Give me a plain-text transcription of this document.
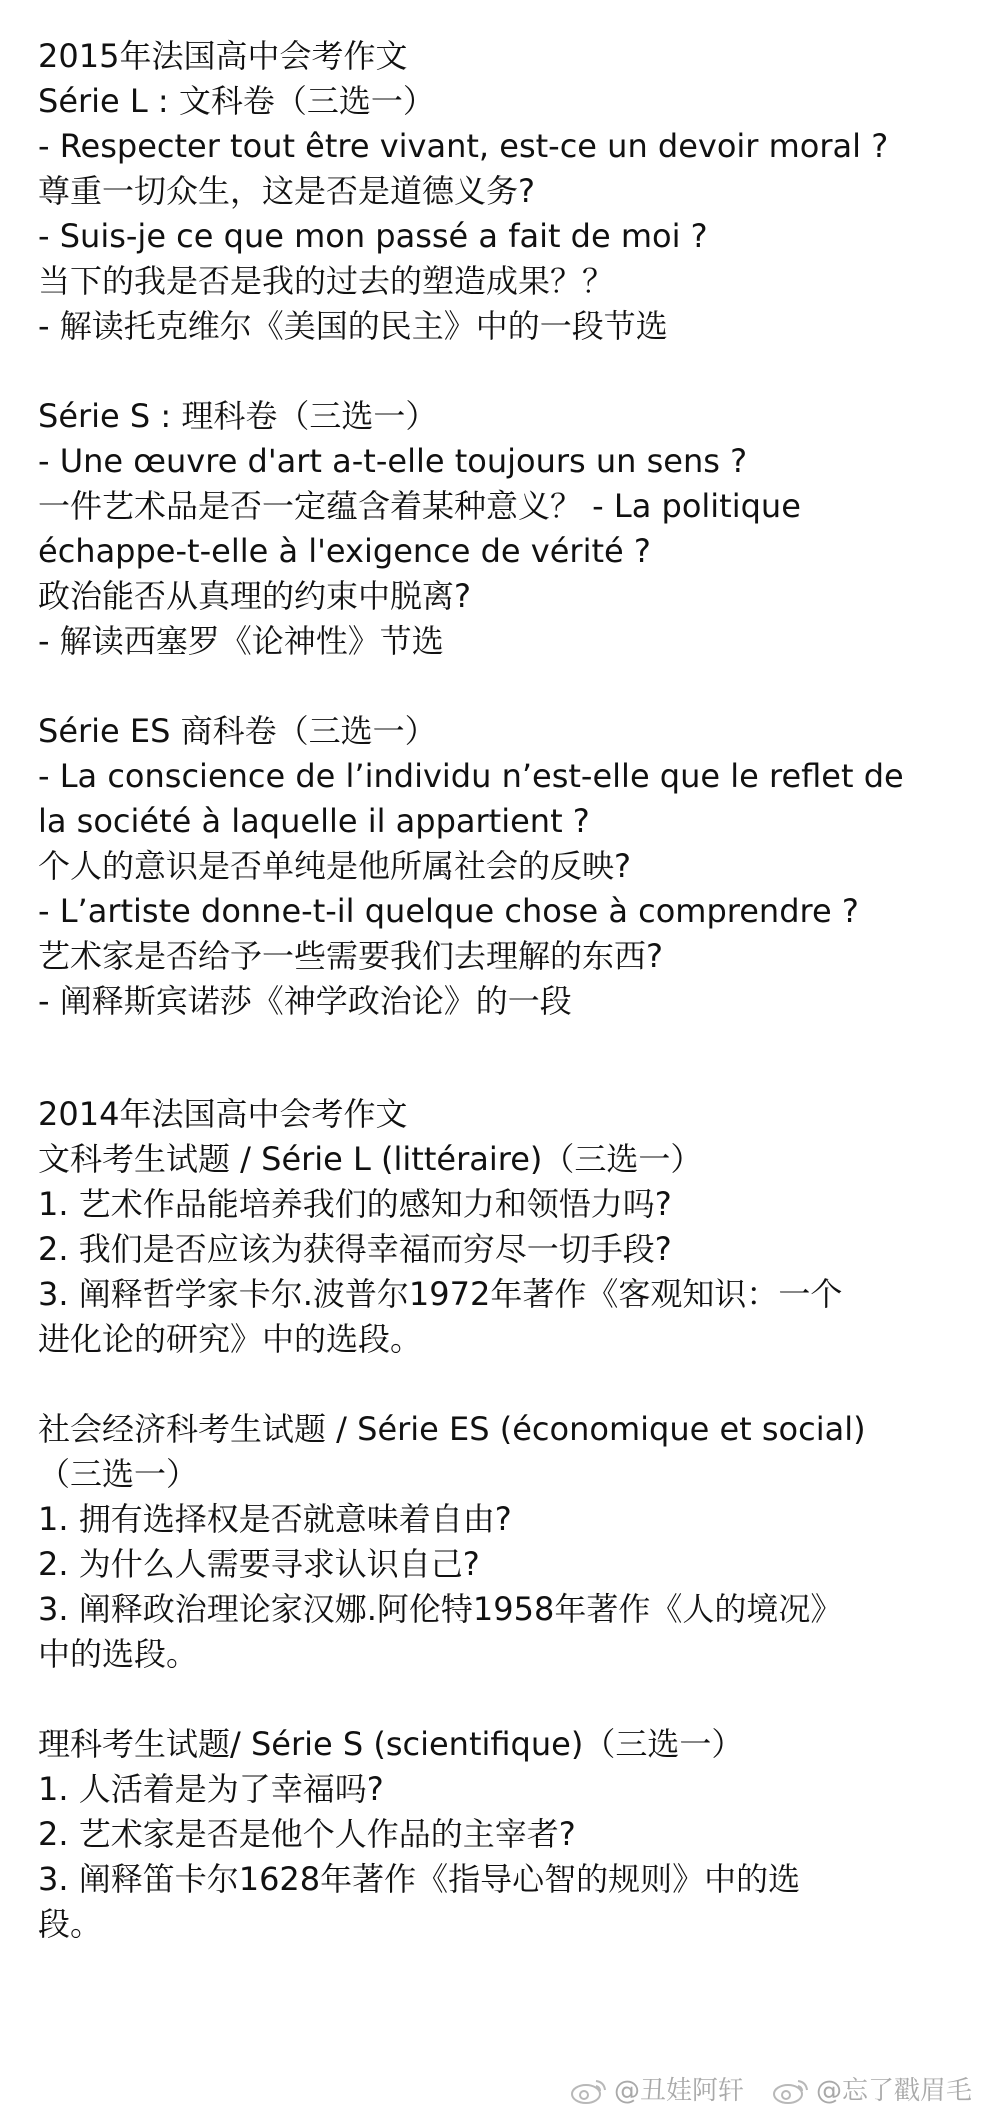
2015年法国高中会考作文
Série L : 文科卷（三选一）
- Respecter tout être vivant, est-ce un devoir moral ?
尊重一切众生，这是否是道德义务?
- Suis-je ce que mon passé a fait de moi ?
当下的我是否是我的过去的塑造成果？？
- 解读托克维尔《美国的民主》中的一段节选
Série S : 理科卷（三选一）
- Une œuvre d'art a-t-elle toujours un sens ?
一件艺术品是否一定蕴含着某种意义？ - La politique
échappe-t-elle à l'exigence de vérité ?
政治能否从真理的约束中脱离?
- 解读西塞罗《论神性》节选
Série ES 商科卷（三选一）
- La conscience de l’individu n’est-elle que le reflet de
la société à laquelle il appartient ?
个人的意识是否单纯是他所属社会的反映?
- L’artiste donne-t-il quelque chose à comprendre ?
艺术家是否给予一些需要我们去理解的东西?
- 阐释斯宾诺莎《神学政治论》的一段
2014年法国高中会考作文
文科考生试题 / Série L (littéraire)（三选一）
1. 艺术作品能培养我们的感知力和领悟力吗?
2. 我们是否应该为获得幸福而穷尽一切手段?
3. 阐释哲学家卡尔.波普尔1972年著作《客观知识：一个
进化论的研究》中的选段。
社会经济科考生试题 / Série ES (économique et social)
（三选一）
1. 拥有选择权是否就意味着自由?
2. 为什么人需要寻求认识自己?
3. 阐释政治理论家汉娜.阿伦特1958年著作《人的境况》
中的选段。
理科考生试题/ Série S (scientifique)（三选一）
1. 人活着是为了幸福吗?
2. 艺术家是否是他个人作品的主宰者?
3. 阐释笛卡尔1628年著作《指导心智的规则》中的选
段。
@丑娃阿轩	@忘了戳眉毛
